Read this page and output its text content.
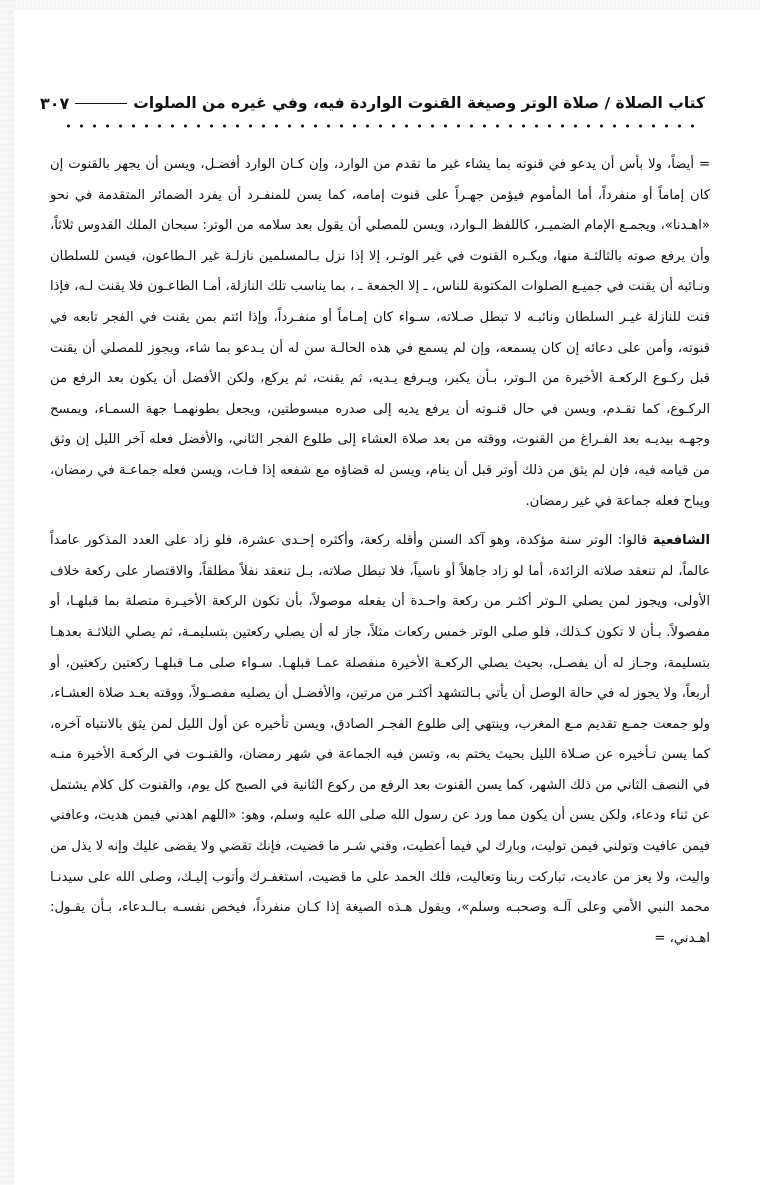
كتاب الصلاة / صلاة الوتر وصيغة القنوت الواردة فيه، وفي غيره من الصلوات
٣٠٧

= أيضاً، ولا بأس أن يدعو في قنوته بما يشاء غير ما تقدم من الوارد، وإن كـان الوارد أفضـل، ويسن أن يجهر بالقنوت إن كان إماماً أو منفرداً، أما المأموم فيؤمن جهـراً على قنوت إمامه، كما يسن للمنفـرد أن يفرد الضمائر المتقدمة في نحو «اهـدنا»، ويجمـع الإمام الضميـر، كاللفظ الـوارد، ويسن للمصلي أن يقول بعد سلامه من الوتر: سبحان الملك القدوس ثلاثاً، وأن يرفع صوته بالثالثـة منها، ويكـره القنوت في غير الوتـر، إلا إذا نزل بـالمسلمين نازلـة غير الـطاعون، فيسن للسلطان ونـائبه أن يقنت في جميـع الصلوات المكتوبة للناس، ـ إلا الجمعة ـ ، بما يناسب تلك النازلة، أمـا الطاعـون فلا يقنت لـه، فإذا قنت للنازلة غيـر السلطان ونائبـه لا تبطل صـلاته، سـواء كان إمـاماً أو منفـرداً، وإذا ائتم بمن يقنت في الفجر تابعه في قنوته، وأمن على دعائه إن كان يسمعه، وإن لم يسمع في هذه الحالـة سن له أن يـدعو بما شاء، ويجوز للمصلي أن يقنت قبل ركـوع الركعـة الأخيرة من الـوتر، بـأن يكبر، ويـرفع يـديه، ثم يقنت، ثم يركع، ولكن الأفضل أن يكون بعد الرفع من الركـوع، كما تقـدم، ويسن في حال قنـوته أن يرفع يديه إلى صدره مبسوطتين، ويجعل بطونهمـا جهة السمـاء، ويمسح وجهـه بيديـه بعد الفـراغ من القنوت، ووقته من بعد صلاة العشاء إلى طلوع الفجر الثاني، والأفضل فعله آخر الليل إن وثق من قيامه فيه، فإن لم يثق من ذلك أوتر قبل أن ينام، ويسن له قضاؤه مع شفعه إذا فـات، ويسن فعله جماعـة في رمضان، ويباح فعله جماعة في غير رمضان.

الشافعية قالوا: الوتر سنة مؤكدة، وهو آكد السنن وأقله ركعة، وأكثره إحـدى عشرة، فلو زاد على العدد المذكور عامداً عالماً، لم تنعقد صلاته الزائدة، أما لو زاد جاهلاً أو ناسياً، فلا تبطل صلاته، بـل تنعقد نفلاً مطلقاً، والاقتصار على ركعة خلاف الأولى، ويجوز لمن يصلي الـوتر أكثـر من ركعة واحـدة أن يفعله موصولاً، بأن تكون الركعة الأخيـرة متصلة بما قبلهـا، أو مفصولاً. بـأن لا تكون كـذلك، فلو صلى الوتر خمس ركعات مثلاً، جاز له أن يصلي ركعتين بتسليمـة، ثم يصلي الثلاثـة بعدهـا بتسليمة، وجـاز له أن يفصـل، بحيث يصلي الركعـة الأخيرة منفصلة عمـا قبلهـا. سـواء صلى مـا قبلهـا ركعتين ركعتين، أو أربعاً، ولا يجوز له في حالة الوصل أن يأتي بـالتشهد أكثـر من مرتين، والأفضـل أن يصليه مفصـولاً، ووقته بعـد صلاة العشـاء، ولو جمعت جمـع تقديم مـع المغرب، وينتهي إلى طلوع الفجـر الصادق، ويسن تأخيره عن أول الليل لمن يثق بالانتباه آخره، كما يسن تـأخيره عن صـلاة الليل بحيث يختم به، وتسن فيه الجماعة في شهر رمضان، والقنـوت في الركعـة الأخيرة منـه في النصف الثاني من ذلك الشهر، كما يسن القنوت بعد الرفع من ركوع الثانية في الصبح كل يوم، والقنوت كل كلام يشتمل عن ثناء ودعاء، ولكن يسن أن يكون مما ورد عن رسول الله صلى الله عليه وسلم، وهو: «اللهم اهدني فيمن هديت، وعافني فيمن عافيت وتولني فيمن توليت، وبارك لي فيما أعطيت، وقني شـر ما قضيت، فإنك تقضي ولا يقضى عليك وإنه لا يذل من واليت، ولا يعز من عاديت، تباركت ربنا وتعاليت، فلك الحمد على ما قضيت، استغفـرك وأتوب إليـك، وصلى الله على سيدنـا محمد النبي الأمي وعلى آلـه وصحبـه وسلم»، ويقول هـذه الصيغة إذا كـان منفرداً، فيخص نفسـه بـالـدعاء، بـأن يقـول: اهـدني، =
